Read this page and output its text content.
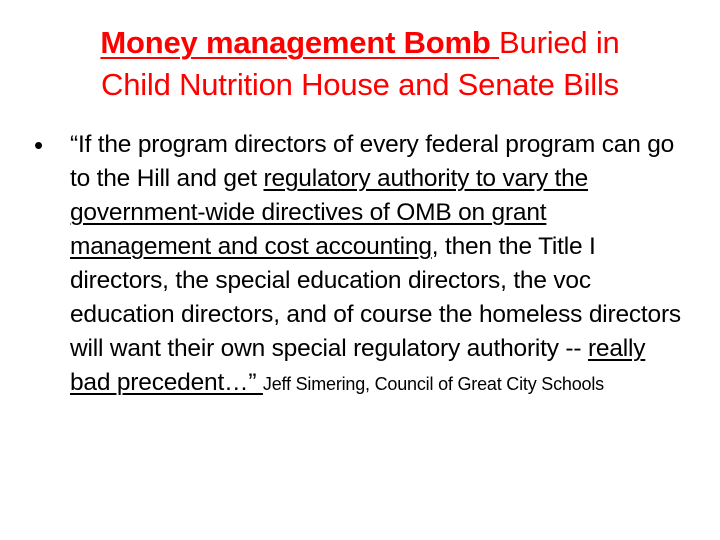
Money management Bomb Buried in
Child Nutrition House and Senate Bills
• “If the program directors of every federal program can go to the Hill and get regulatory authority to vary the government-wide directives of OMB on grant management and cost accounting, then the Title I directors, the special education directors, the voc education directors, and of course the homeless directors will want their own special regulatory authority -- really bad precedent…” Jeff Simering, Council of Great City Schools
